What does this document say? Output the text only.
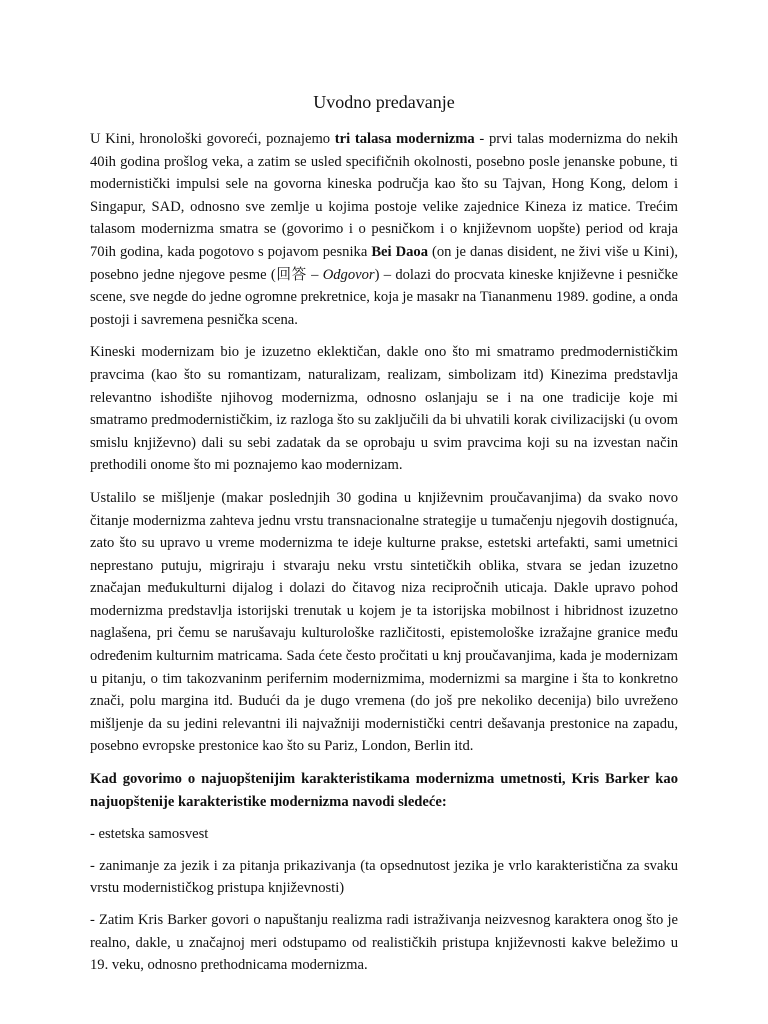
Uvodno predavanje

U Kini, hronološki govoreći, poznajemo tri talasa modernizma - prvi talas modernizma do nekih 40ih godina prošlog veka, a zatim se usled specifičnih okolnosti, posebno posle jenanske pobune, ti modernistički impulsi sele na govorna kineska područja kao što su Tajvan, Hong Kong, delom i Singapur, SAD, odnosno sve zemlje u kojima postoje velike zajednice Kineza iz matice. Trećim talasom modernizma smatra se (govorimo i o pesničkom i o književnom uopšte) period od kraja 70ih godina, kada pogotovo s pojavom pesnika Bei Daoa (on je danas disident, ne živi više u Kini), posebno jedne njegove pesme (回答 – Odgovor) – dolazi do procvata kineske književne i pesničke scene, sve negde do jedne ogromne prekretnice, koja je masakr na Tiananmenu 1989. godine, a onda postoji i savremena pesnička scena.

Kineski modernizam bio je izuzetno eklektičan, dakle ono što mi smatramo predmodernističkim pravcima (kao što su romantizam, naturalizam, realizam, simbolizam itd) Kinezima predstavlja relevantno ishodište njihovog modernizma, odnosno oslanjaju se i na one tradicije koje mi smatramo predmodernističkim, iz razloga što su zaključili da bi uhvatili korak civilizacijski (u ovom smislu književno) dali su sebi zadatak da se oprobaju u svim pravcima koji su na izvestan način prethodili onome što mi poznajemo kao modernizam.

Ustalilo se mišljenje (makar poslednjih 30 godina u književnim proučavanjima) da svako novo čitanje modernizma zahteva jednu vrstu transnacionalne strategije u tumačenju njegovih dostignuća, zato što su upravo u vreme modernizma te ideje kulturne prakse, estetski artefakti, sami umetnici neprestano putuju, migriraju i stvaraju neku vrstu sintetičkih oblika, stvara se jedan izuzetno značajan međukulturni dijalog i dolazi do čitavog niza recipročnih uticaja. Dakle upravo pohod modernizma predstavlja istorijski trenutak u kojem je ta istorijska mobilnost i hibridnost izuzetno naglašena, pri čemu se narušavaju kulturološke različitosti, epistemološke izražajne granice među određenim kulturnim matricama. Sada ćete često pročitati u knj proučavanjima, kada je modernizam u pitanju, o tim takozvaninm perifernim modernizmima, modernizmi sa margine i šta to konkretno znači, polu margina itd. Budući da je dugo vremena (do još pre nekoliko decenija) bilo uvreženo mišljenje da su jedini relevantni ili najvažniji modernistički centri dešavanja prestonice na zapadu, posebno evropske prestonice kao što su Pariz, London, Berlin itd.

Kad govorimo o najuopštenijim karakteristikama modernizma umetnosti, Kris Barker kao najuopštenije karakteristike modernizma navodi sledeće:

- estetska samosvest

- zanimanje za jezik i za pitanja prikazivanja (ta opsednutost jezika je vrlo karakteristična za svaku vrstu modernističkog pristupa književnosti)

- Zatim Kris Barker govori o napuštanju realizma radi istraživanja neizvesnog karaktera onog što je realno, dakle, u značajnoj meri odstupamo od realističkih pristupa književnosti kakve beležimo u 19. veku, odnosno prethodnicama modernizma.
